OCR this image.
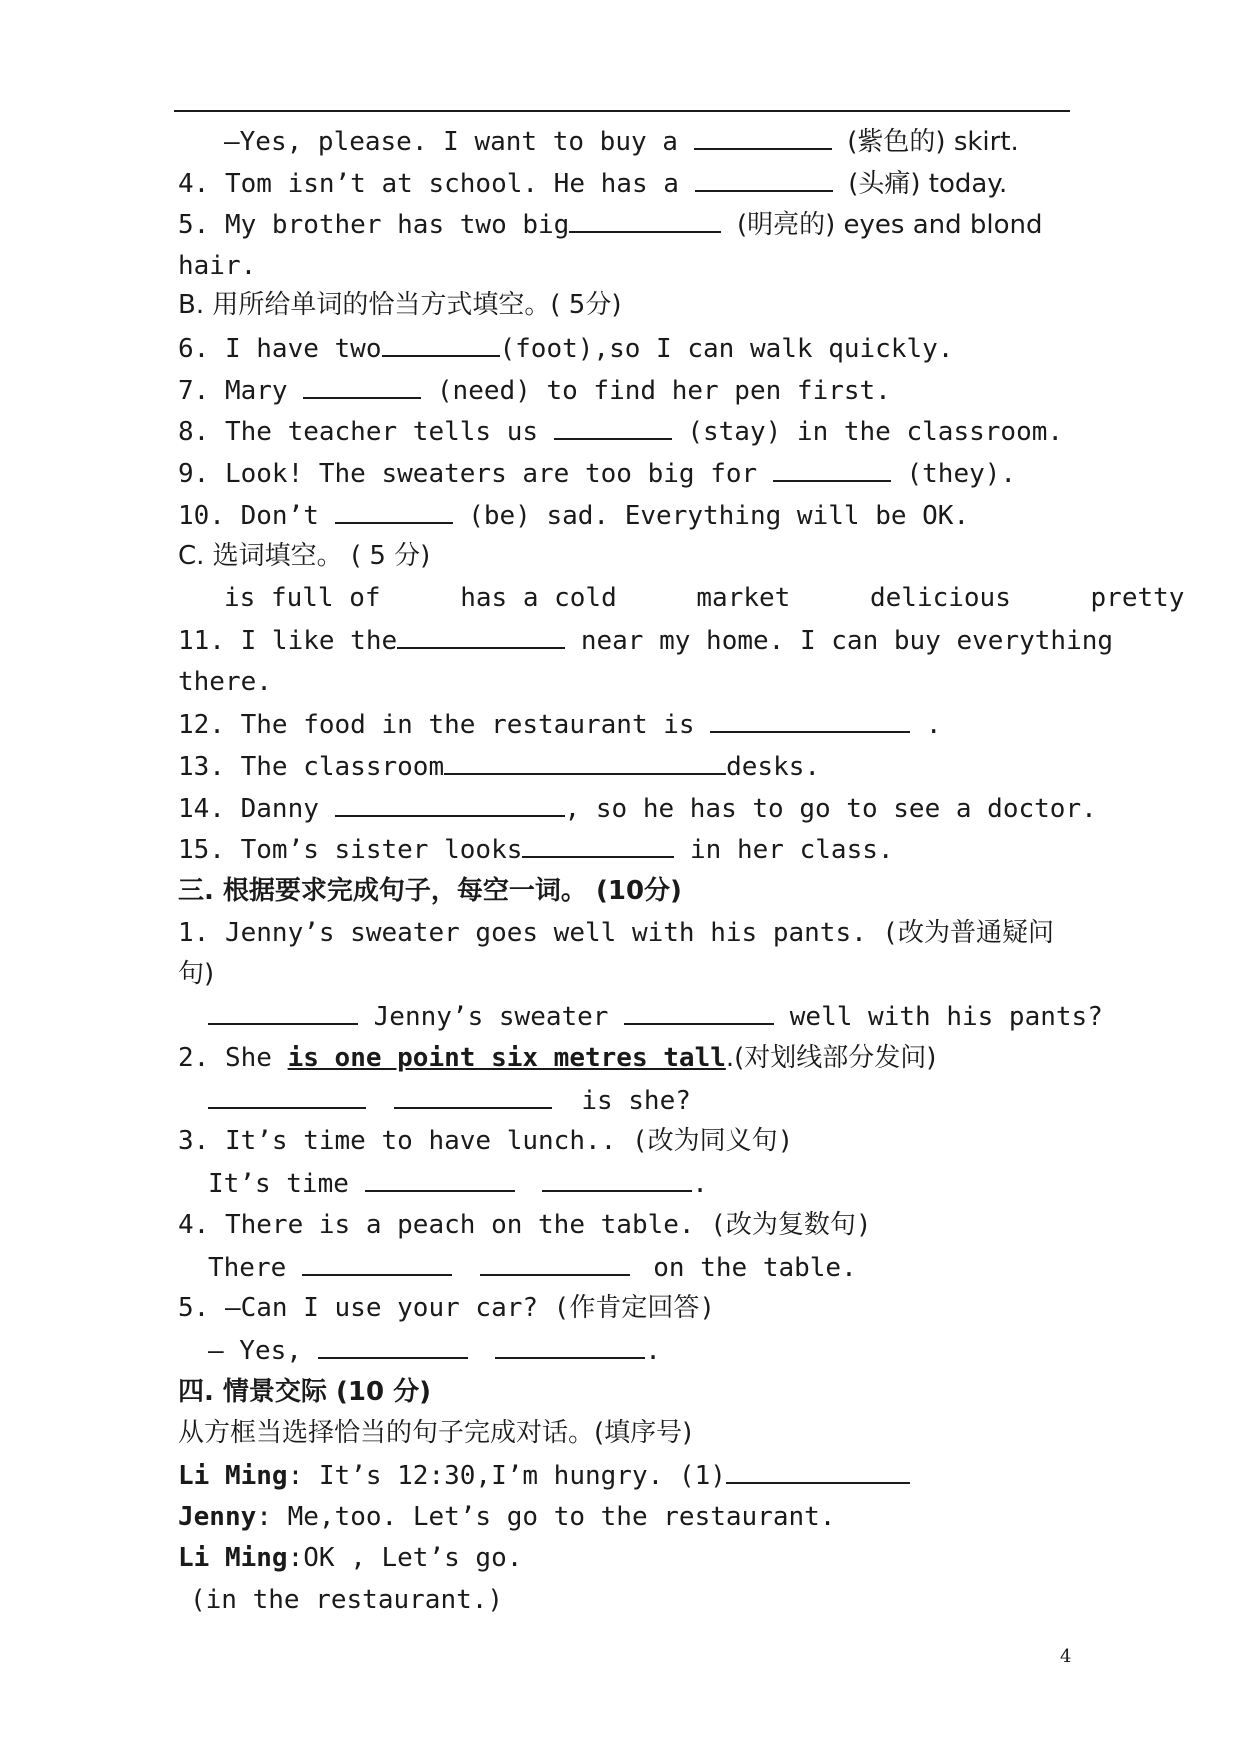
—Yes, please. I want to buy a	(紫色的) skirt.
4. Tom isn’t at school. He has a	(头痛) today.
5. My brother has two big	(明亮的) eyes and blond
hair.
B. 用所给单词的恰当方式填空。( 5分)
6. I have two	(foot),so I can walk quickly.
7. Mary	(need) to find her pen first.
8. The teacher tells us	(stay) in the classroom.
9. Look! The sweaters are too big for	(they).
10. Don’t	(be) sad. Everything will be OK.
C. 选词填空。 ( 5 分)
is full of	has a cold	market	delicious	pretty
11. I like the	near my home. I can buy everything
there.
12. The food in the restaurant is	.
13. The classroom	desks.
14. Danny	, so he has to go to see a doctor.
15. Tom’s sister looks	in her class.
三. 根据要求完成句子，每空一词。 (10分)
1. Jenny’s sweater goes well with his pants. (改为普通疑问
句)
Jenny’s sweater	well with his pants?
2. She is one point six metres tall.(对划线部分发问)
is she?
3. It’s time to have lunch.. (改为同义句)
It’s time	.
4. There is a peach on the table. (改为复数句)
There	on the table.
5. —Can I use your car? (作肯定回答)
— Yes,	.
四. 情景交际 (10 分)
从方框当选择恰当的句子完成对话。(填序号)
Li Ming: It’s 12:30,I’m hungry. (1)
Jenny: Me,too. Let’s go to the restaurant.
Li Ming:OK , Let’s go.
(in the restaurant.)
4
